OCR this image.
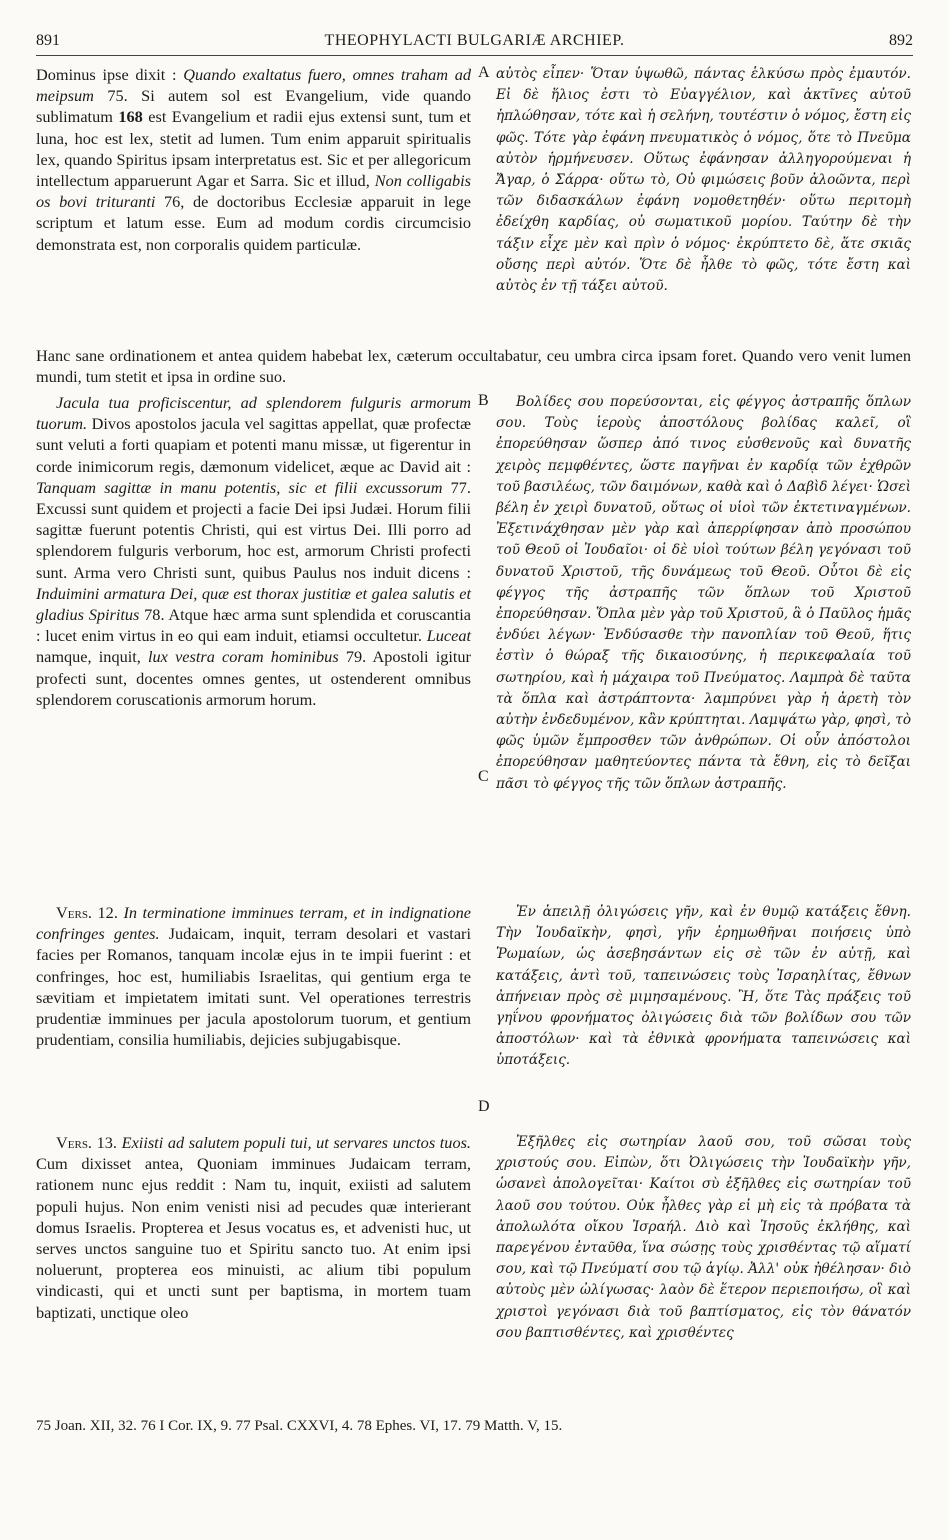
891	THEOPHYLACTI BULGARIÆ ARCHIEP.	892

Dominus ipse dixit : Quando exaltatus fuero, omnes traham ad meipsum 75. Si autem sol est Evangelium, vide quando sublimatum 168 est Evangelium et radii ejus extensi sunt, tum et luna, hoc est lex, stetit ad lumen. Tum enim apparuit spiritualis lex, quando Spiritus ipsam interpretatus est. Sic et per allegoricum intellectum apparuerunt Agar et Sarra. Sic et illud, Non colligabis os bovi trituranti 76, de doctoribus Ecclesiæ apparuit in lege scriptum et latum esse. Eum ad modum cordis circumcisio demonstrata est, non corporalis quidem particulæ.

A αὐτὸς εἶπεν· Ὅταν ὑψωθῶ, πάντας ἑλκύσω πρὸς ἐμαυτόν. Εἰ δὲ ἥλιος ἐστι τὸ Εὐαγγέλιον, καὶ ἀκτῖνες αὐτοῦ ἡπλώθησαν, τότε καὶ ἡ σελήνη, τουτέστιν ὁ νόμος, ἔστη εἰς φῶς. Τότε γὰρ ἐφάνη πνευματικὸς ὁ νόμος, ὅτε τὸ Πνεῦμα αὐτὸν ἡρμήνευσεν. Οὕτως ἐφάνησαν ἀλληγορούμεναι ἡ Ἄγαρ, ὁ Σάρρα· οὕτω τὸ, Οὐ φιμώσεις βοῦν ἀλοῶντα, περὶ τῶν διδασκάλων ἐφάνη νομοθετηθέν· οὕτω περιτομὴ ἐδείχθη καρδίας, οὐ σωματικοῦ μορίου. Ταύτην δὲ τὴν τάξιν εἶχε μὲν καὶ πρὶν ὁ νόμος· ἐκρύπτετο δὲ, ἅτε σκιᾶς οὔσης περὶ αὐτόν. Ὅτε δὲ ἦλθε τὸ φῶς, τότε ἔστη καὶ αὐτὸς ἐν τῇ τάξει αὐτοῦ.

Hanc sane ordinationem et antea quidem habebat lex, cæterum occultabatur, ceu umbra circa ipsam foret. Quando vero venit lumen mundi, tum stetit et ipsa in ordine suo.

Jacula tua proficiscentur, ad splendorem fulguris armorum tuorum. Divos apostolos jacula vel sagittas appellat, quæ profectæ sunt veluti a forti quapiam et potenti manu missæ, ut figerentur in corde inimicorum regis, dæmonum videlicet, æque ac David ait : Tanquam sagittæ in manu potentis, sic et filii excussorum 77. Excussi sunt quidem et projecti a facie Dei ipsi Judæi. Horum filii sagittæ fuerunt potentis Christi, qui est virtus Dei. Illi porro ad splendorem fulguris verborum, hoc est, armorum Christi profecti sunt. Arma vero Christi sunt, quibus Paulus nos induit dicens : Induimini armatura Dei, quæ est thorax justitiæ et galea salutis et gladius Spiritus 78. Atque hæc arma sunt splendida et coruscantia : lucet enim virtus in eo qui eam induit, etiamsi occultetur. Luceat namque, inquit, lux vestra coram hominibus 79. Apostoli igitur profecti sunt, docentes omnes gentes, ut ostenderent omnibus splendorem coruscationis armorum horum.

B
C

Βολίδες σου πορεύσονται, εἰς φέγγος ἀστραπῆς ὅπλων σου. Τοὺς ἱεροὺς ἀποστόλους βολίδας καλεῖ, οἳ ἐπορεύθησαν ὥσπερ ἀπό τινος εὐσθενοῦς καὶ δυνατῆς χειρὸς πεμφθέντες, ὥστε παγῆναι ἐν καρδίᾳ τῶν ἐχθρῶν τοῦ βασιλέως, τῶν δαιμόνων, καθὰ καὶ ὁ Δαβὶδ λέγει· Ὡσεὶ βέλη ἐν χειρὶ δυνατοῦ, οὕτως οἱ υἱοὶ τῶν ἐκτετιναγμένων. Ἐξετινάχθησαν μὲν γὰρ καὶ ἀπερρίφησαν ἀπὸ προσώπου τοῦ Θεοῦ οἱ Ἰουδαῖοι· οἱ δὲ υἱοὶ τούτων βέλη γεγόνασι τοῦ δυνατοῦ Χριστοῦ, τῆς δυνάμεως τοῦ Θεοῦ. Οὗτοι δὲ εἰς φέγγος τῆς ἀστραπῆς τῶν ὅπλων τοῦ Χριστοῦ ἐπορεύθησαν. Ὅπλα μὲν γὰρ τοῦ Χριστοῦ, ἃ ὁ Παῦλος ἡμᾶς ἐνδύει λέγων· Ἐνδύσασθε τὴν πανοπλίαν τοῦ Θεοῦ, ἥτις ἐστὶν ὁ θώραξ τῆς δικαιοσύνης, ἡ περικεφαλαία τοῦ σωτηρίου, καὶ ἡ μάχαιρα τοῦ Πνεύματος. Λαμπρὰ δὲ ταῦτα τὰ ὅπλα καὶ ἀστράπτοντα· λαμπρύνει γὰρ ἡ ἀρετὴ τὸν αὐτὴν ἐνδεδυμένον, κἂν κρύπτηται. Λαμψάτω γὰρ, φησὶ, τὸ φῶς ὑμῶν ἔμπροσθεν τῶν ἀνθρώπων. Οἱ οὖν ἀπόστολοι ἐπορεύθησαν μαθητεύοντες πάντα τὰ ἔθνη, εἰς τὸ δεῖξαι πᾶσι τὸ φέγγος τῆς τῶν ὅπλων ἀστραπῆς.

Vers. 12. In terminatione imminues terram, et in indignatione confringes gentes. Judaicam, inquit, terram desolari et vastari facies per Romanos, tanquam incolæ ejus in te impii fuerint : et confringes, hoc est, humiliabis Israelitas, qui gentium erga te sævitiam et impietatem imitati sunt. Vel operationes terrestris prudentiæ imminues per jacula apostolorum tuorum, et gentium prudentiam, consilia humiliabis, dejicies subjugabisque.

Ἐν ἀπειλῇ ὀλιγώσεις γῆν, καὶ ἐν θυμῷ κατάξεις ἔθνη. Τὴν Ἰουδαϊκὴν, φησὶ, γῆν ἐρημωθῆναι ποιήσεις ὑπὸ Ῥωμαίων, ὡς ἀσεβησάντων εἰς σὲ τῶν ἐν αὐτῇ, καὶ κατάξεις, ἀντὶ τοῦ, ταπεινώσεις τοὺς Ἰσραηλίτας, ἔθνων ἀπήνειαν πρὸς σὲ μιμησαμένους. Ἢ, ὅτε Τὰς πράξεις τοῦ γηΐνου φρονήματος ὀλιγώσεις διὰ τῶν βολίδων σου τῶν ἀποστόλων· καὶ τὰ ἐθνικὰ φρονήματα ταπεινώσεις καὶ ὑποτάξεις.

D

Vers. 13. Exiisti ad salutem populi tui, ut servares unctos tuos. Cum dixisset antea, Quoniam imminues Judaicam terram, rationem nunc ejus reddit : Nam tu, inquit, exiisti ad salutem populi hujus. Non enim venisti nisi ad pecudes quæ interierant domus Israelis. Propterea et Jesus vocatus es, et advenisti huc, ut serves unctos sanguine tuo et Spiritu sancto tuo. At enim ipsi noluerunt, propterea eos minuisti, ac alium tibi populum vindicasti, qui et uncti sunt per baptisma, in mortem tuam baptizati, unctique oleo

Ἐξῆλθες εἰς σωτηρίαν λαοῦ σου, τοῦ σῶσαι τοὺς χριστούς σου. Εἰπὼν, ὅτι Ὀλιγώσεις τὴν Ἰουδαϊκὴν γῆν, ὡσανεὶ ἀπολογεῖται· Καίτοι σὺ ἐξῆλθες εἰς σωτηρίαν τοῦ λαοῦ σου τούτου. Οὐκ ἦλθες γὰρ εἰ μὴ εἰς τὰ πρόβατα τὰ ἀπολωλότα οἴκου Ἰσραήλ. Διὸ καὶ Ἰησοῦς ἐκλήθης, καὶ παρεγένου ἐνταῦθα, ἵνα σώσῃς τοὺς χρισθέντας τῷ αἵματί σου, καὶ τῷ Πνεύματί σου τῷ ἁγίῳ. Ἀλλ' οὐκ ἠθέλησαν· διὸ αὐτοὺς μὲν ὠλίγωσας· λαὸν δὲ ἕτερον περιεποιήσω, οἳ καὶ χριστοὶ γεγόνασι διὰ τοῦ βαπτίσματος, εἰς τὸν θάνατόν σου βαπτισθέντες, καὶ χρισθέντες

75 Joan. XII, 32. 76 I Cor. IX, 9. 77 Psal. CXXVI, 4. 78 Ephes. VI, 17. 79 Matth. V, 15.
